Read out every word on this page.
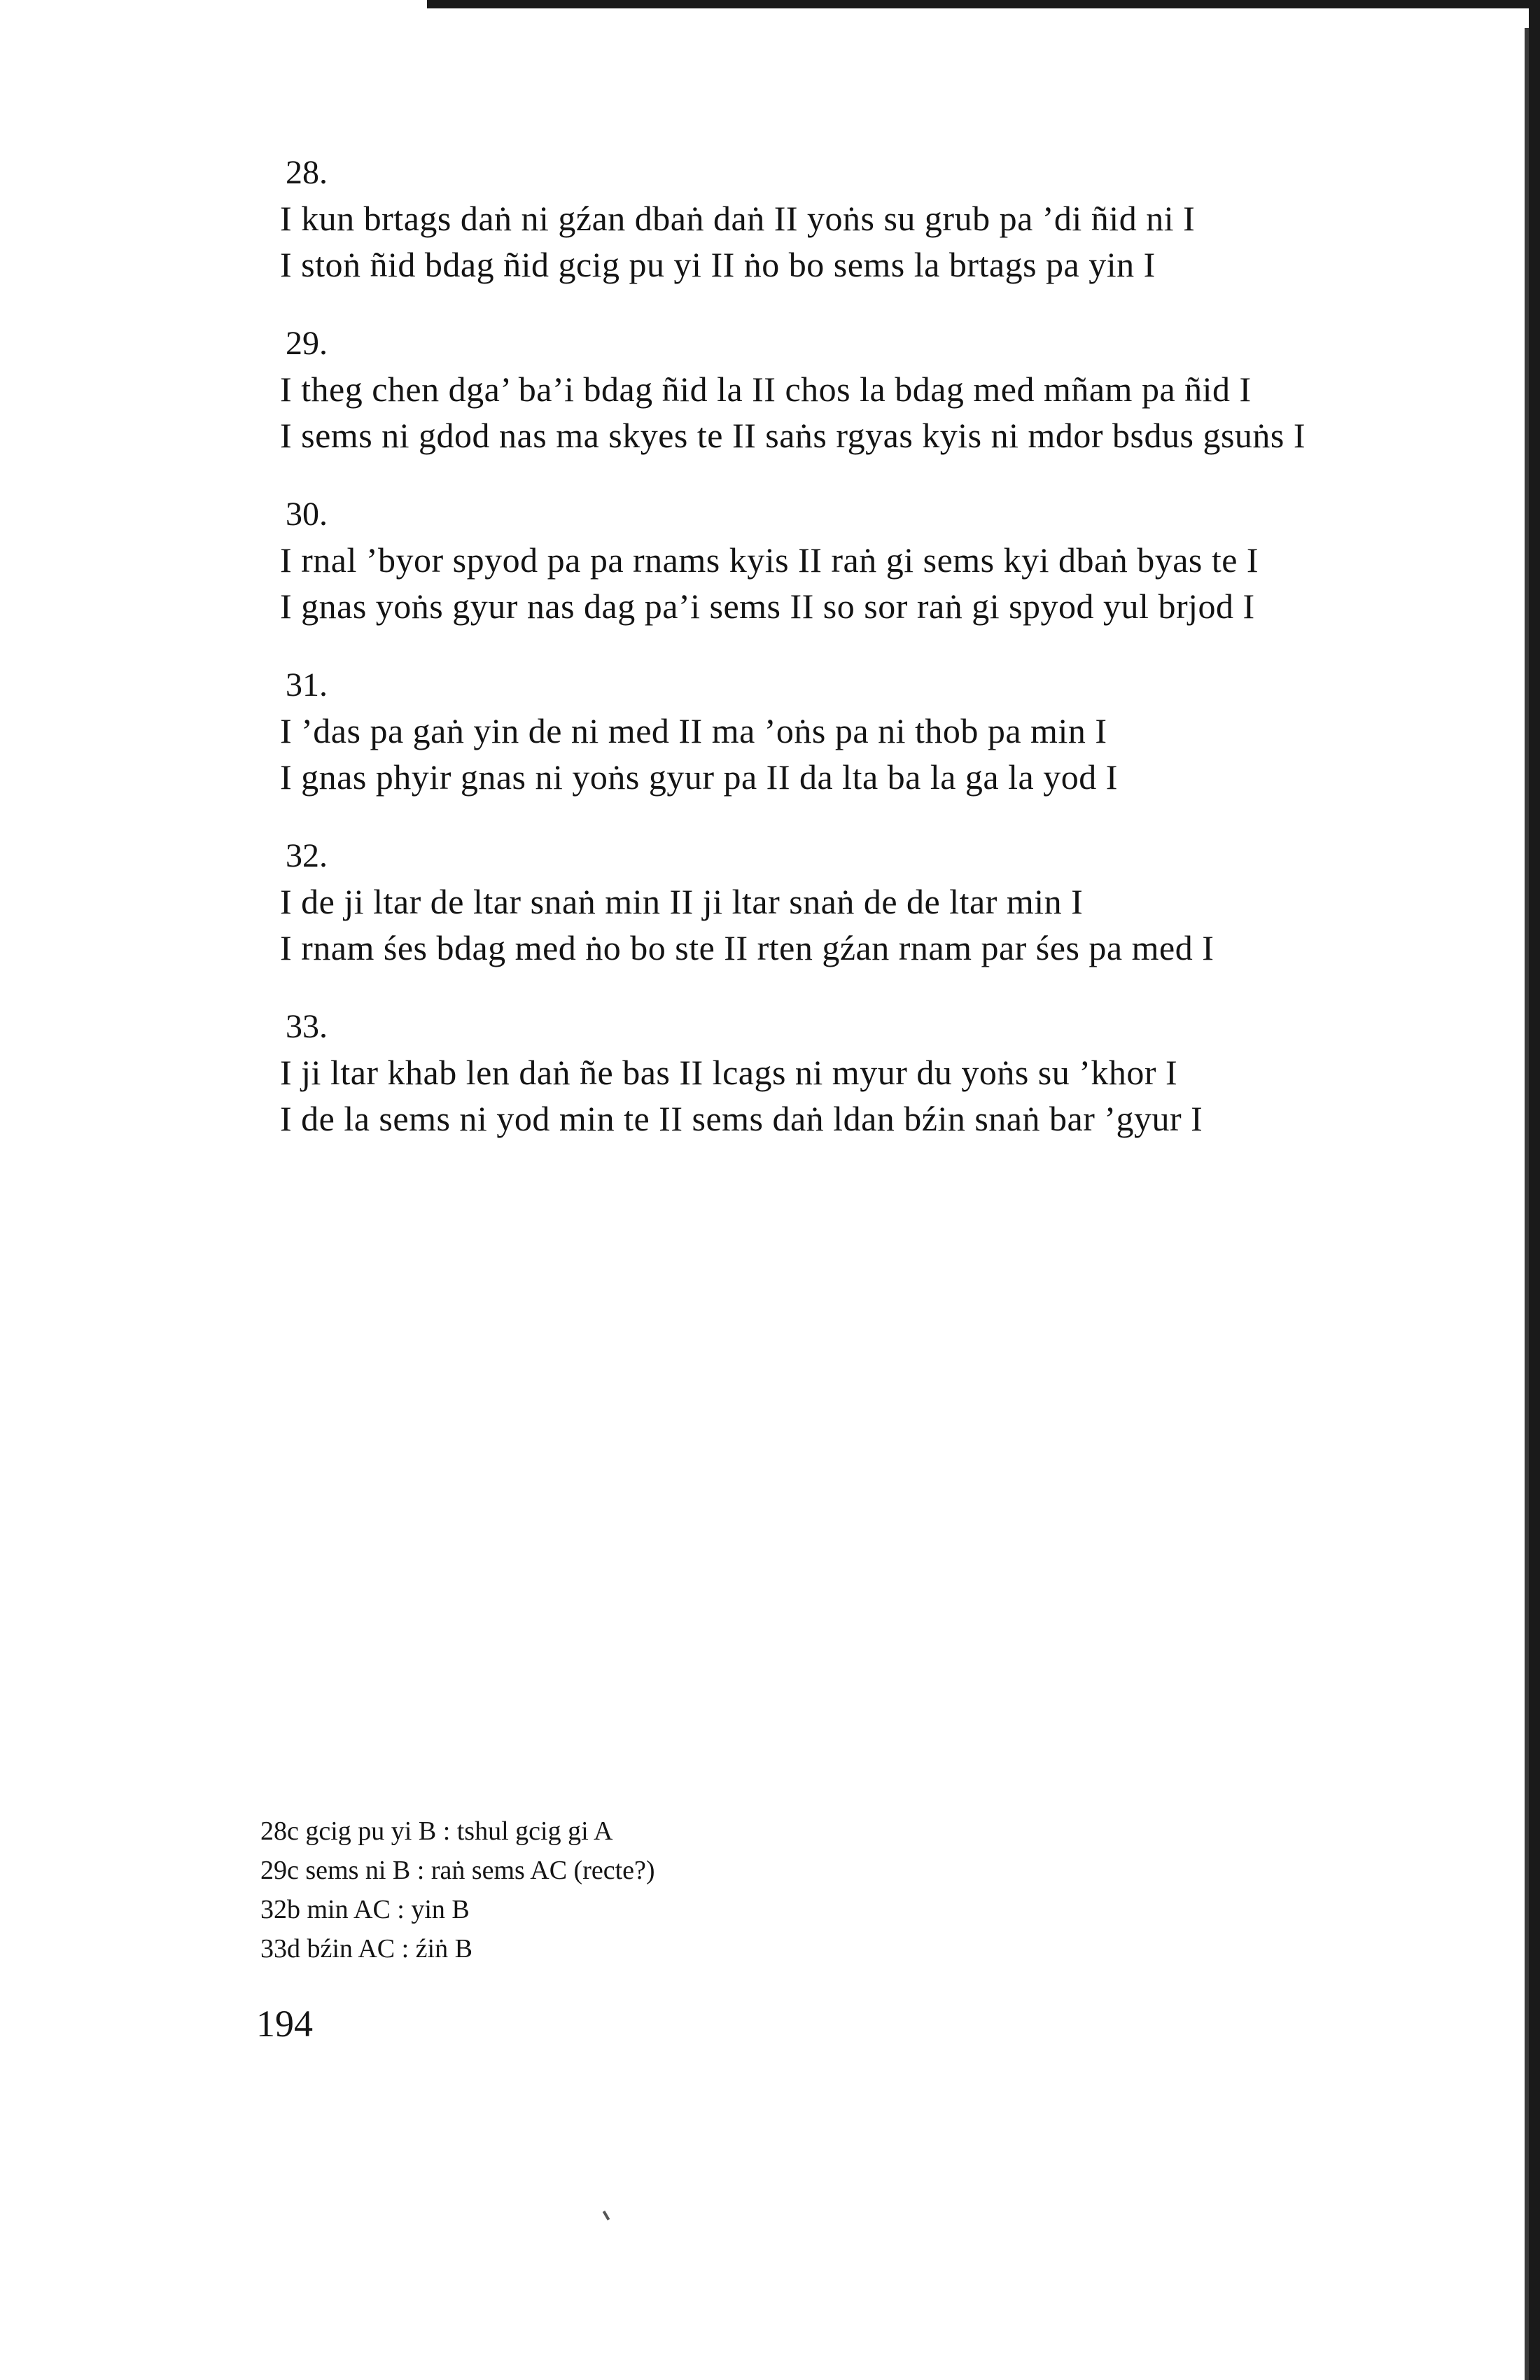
28.
I kun brtags daṅ ni gźan dbaṅ daṅ II yoṅs su grub pa ’di ñid ni I
I stoṅ ñid bdag ñid gcig pu yi II ṅo bo sems la brtags pa yin I
29.
I theg chen dga’ ba’i bdag ñid la II chos la bdag med mñam pa ñid I
I sems ni gdod nas ma skyes te II saṅs rgyas kyis ni mdor bsdus gsuṅs I
30.
I rnal ’byor spyod pa pa rnams kyis II raṅ gi sems kyi dbaṅ byas te I
I gnas yoṅs gyur nas dag pa’i sems II so sor raṅ gi spyod yul brjod I
31.
I ’das pa gaṅ yin de ni med II ma ’oṅs pa ni thob pa min I
I gnas phyir gnas ni yoṅs gyur pa II da lta ba la ga la yod I
32.
I de ji ltar de ltar snaṅ min II ji ltar snaṅ de de ltar min I
I rnam śes bdag med ṅo bo ste II rten gźan rnam par śes pa med I
33.
I ji ltar khab len daṅ ñe bas II lcags ni myur du yoṅs su ’khor I
I de la sems ni yod min te II sems daṅ ldan bźin snaṅ bar ’gyur I
28c gcig pu yi B : tshul gcig gi A
29c sems ni B : raṅ sems AC (recte?)
32b min AC : yin B
33d bźin AC : źiṅ B
194
